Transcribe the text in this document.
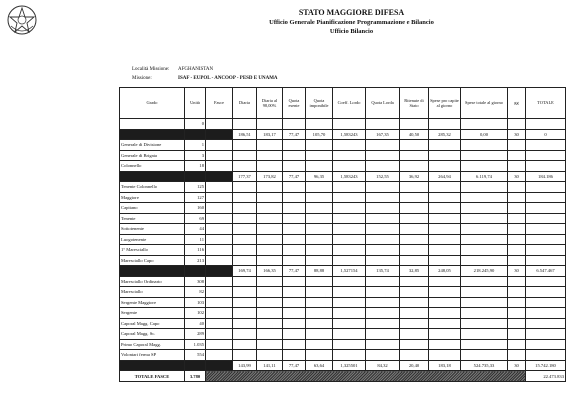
STATO MAGGIORE DIFESA
Ufficio Generale Pianificazione Programmazione e Bilancio
Ufficio Bilancio
Località Missione: AFGHANISTAN
Missione:	ISAF - EUPOL - ANCOOP - PESD E UNAMA
Grado	Unità	Fasce	Diaria	Diaria al 98,00%	Quota esente	Quota imponibile	Coeff. Lordo	Quota Lorda	Ritenute di Stato	Spese pro capite al giorno	Spese totale al giorno	gg	TOTALE
	0												
			186,51	183,17	77,47	105,70	1,583243	167,35	40,50	285,32	0,00	30	0
Generale di Divisione	1												
Generale di Brigata	3												
Colonnello	18												
			177,37	173,82	77,47	96,35	1,583243	152,55	36,92	264,94	6.119,74	30	184.186
Tenente Colonnello	125												
Maggiore	127												
Capitano	160												
Tenente	69												
Sottotenente	44												
Luogotenente	11												
1° Maresciallo	116												
Maresciallo Capo	213												
			169,74	166,35	77,47	88,88	1,527154	135,74	32,85	248,05	218.245,90	30	6.547.467
Maresciallo Ordinario	308												
Maresciallo	82												
Sergente Maggiore	103												
Sergente	102												
Caporal Magg. Capo	40												
Caporal Magg. Sc.	289												
Primo Caporal Magg.	1.035												
Volontari ferma SP	554												
			143,99	141,11	77,47	63,64	1,325501	84,32	20,40	183,18	524.735,33	30	15.742.180
TOTALE FASCE	3.780												22.473.833
